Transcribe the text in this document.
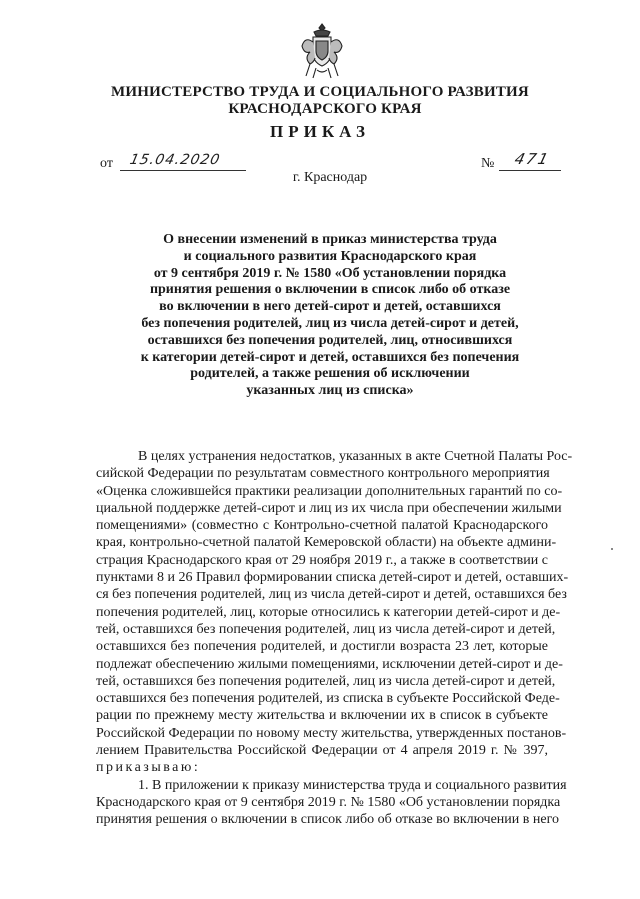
МИНИСТЕРСТВО ТРУДА И СОЦИАЛЬНОГО РАЗВИТИЯ
КРАСНОДАРСКОГО КРАЯ
ПРИКАЗ
от 15.04.2020	№ 471
г. Краснодар
О внесении изменений в приказ министерства труда
и социального развития Краснодарского края
от 9 сентября 2019 г. № 1580 «Об установлении порядка
принятия решения о включении в список либо об отказе
во включении в него детей-сирот и детей, оставшихся
без попечения родителей, лиц из числа детей-сирот и детей,
оставшихся без попечения родителей, лиц, относившихся
к категории детей-сирот и детей, оставшихся без попечения
родителей, а также решения об исключении
указанных лиц из списка»
В целях устранения недостатков, указанных в акте Счетной Палаты Рос-
сийской Федерации по результатам совместного контрольного мероприятия
«Оценка сложившейся практики реализации дополнительных гарантий по со-
циальной поддержке детей-сирот и лиц из их числа при обеспечении жилыми
помещениями» (совместно с Контрольно-счетной палатой Краснодарского
края, контрольно-счетной палатой Кемеровской области) на объекте админи-
страция Краснодарского края от 29 ноября 2019 г., а также в соответствии с
пунктами 8 и 26 Правил формировании списка детей-сирот и детей, оставших-
ся без попечения родителей, лиц из числа детей-сирот и детей, оставшихся без
попечения родителей, лиц, которые относились к категории детей-сирот и де-
тей, оставшихся без попечения родителей, лиц из числа детей-сирот и детей,
оставшихся без попечения родителей, и достигли возраста 23 лет, которые
подлежат обеспечению жилыми помещениями, исключении детей-сирот и де-
тей, оставшихся без попечения родителей, лиц из числа детей-сирот и детей,
оставшихся без попечения родителей, из списка в субъекте Российской Феде-
рации по прежнему месту жительства и включении их в список в субъекте
Российской Федерации по новому месту жительства, утвержденных постанов-
лением Правительства Российской Федерации от 4 апреля 2019 г. № 397,
приказываю:
1. В приложении к приказу министерства труда и социального развития
Краснодарского края от 9 сентября 2019 г. № 1580 «Об установлении порядка
принятия решения о включении в список либо об отказе во включении в него
